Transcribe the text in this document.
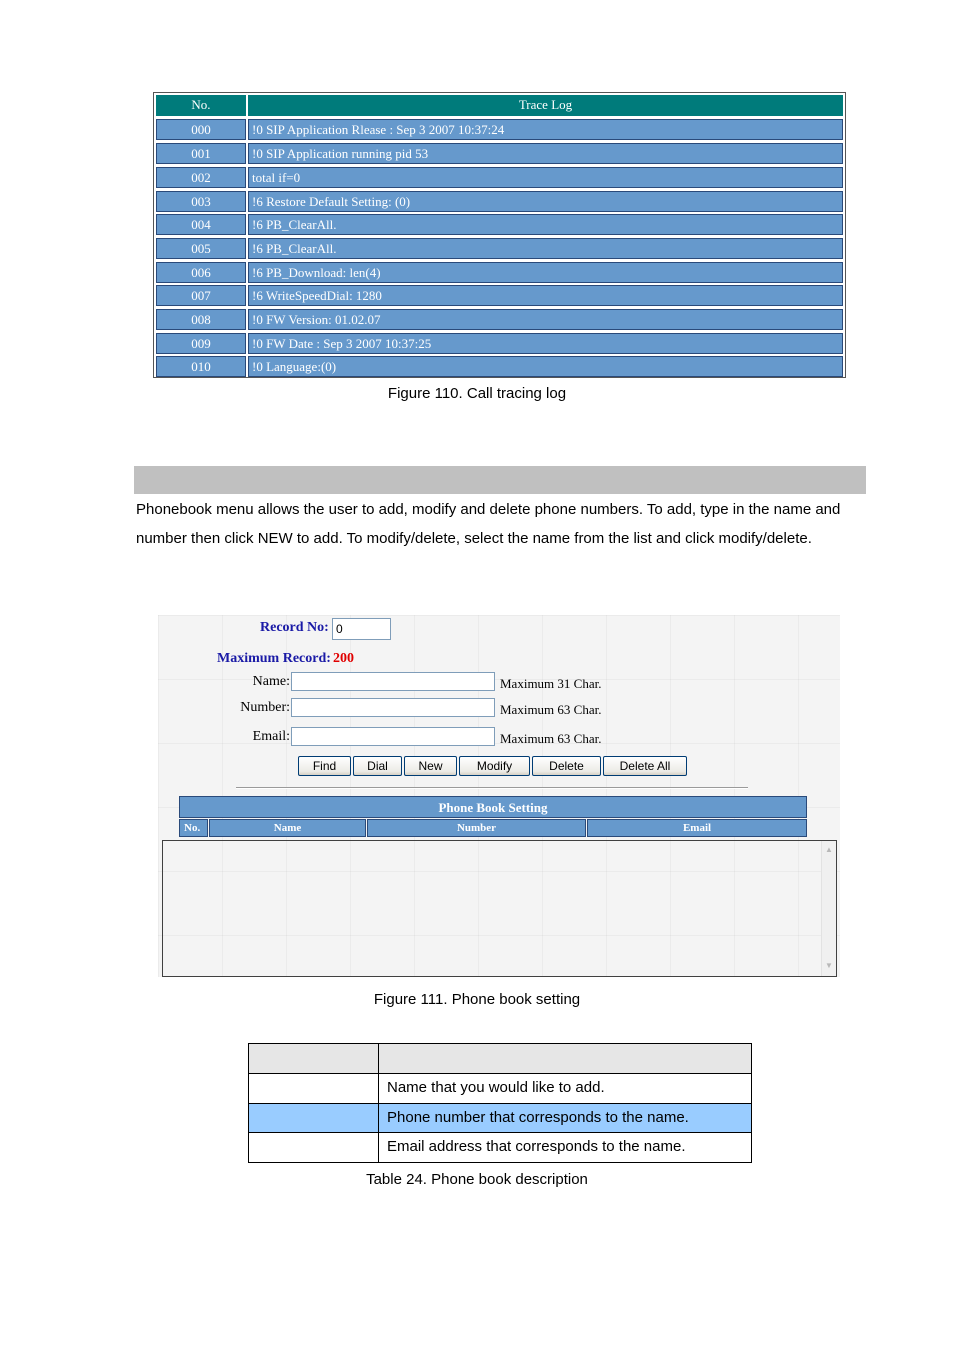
No.	Trace Log
000	!0 SIP Application Rlease : Sep 3 2007 10:37:24
001	!0 SIP Application running pid 53
002	total if=0
003	!6 Restore Default Setting: (0)
004	!6 PB_ClearAll.
005	!6 PB_ClearAll.
006	!6 PB_Download: len(4)
007	!6 WriteSpeedDial: 1280
008	!0 FW Version: 01.02.07
009	!0 FW Date : Sep 3 2007 10:37:25
010	!0 Language:(0)
Figure 110. Call tracing log

Phonebook menu allows the user to add, modify and delete phone numbers. To add, type in the name and number then click NEW to add. To modify/delete, select the name from the list and click modify/delete.

Record No:
0
Maximum Record: 200
Name:	Maximum 31 Char.
Number:	Maximum 63 Char.
Email:	Maximum 63 Char.
Find	Dial	New	Modify	Delete	Delete All
Phone Book Setting
No.	Name	Number	Email
▲
▼
Figure 111. Phone book setting
Name that you would like to add.
Phone number that corresponds to the name.
Email address that corresponds to the name.
Table 24. Phone book description
